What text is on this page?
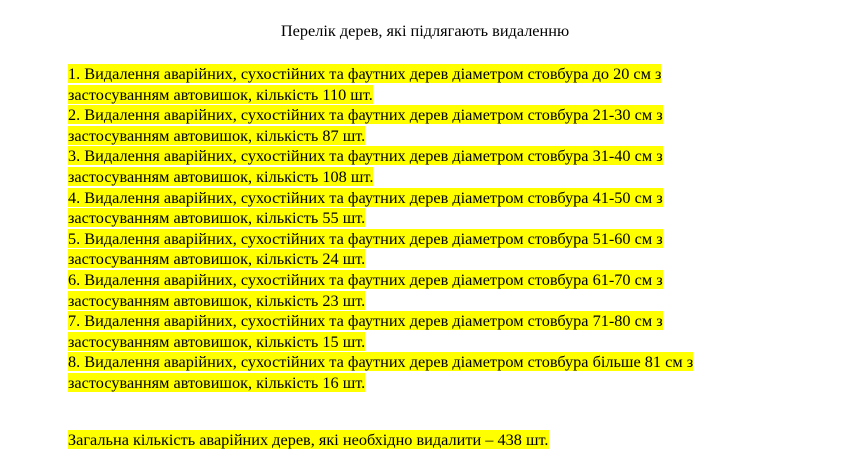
Перелік дерев, які підлягають видаленню
1. Видалення аварійних, сухостійних та фаутних дерев діаметром стовбура до 20 см з
застосуванням автовишок, кількість 110 шт.
2. Видалення аварійних, сухостійних та фаутних дерев діаметром стовбура 21-30 см з
застосуванням автовишок, кількість 87 шт.
3. Видалення аварійних, сухостійних та фаутних дерев діаметром стовбура 31-40 см з
застосуванням автовишок, кількість 108 шт.
4. Видалення аварійних, сухостійних та фаутних дерев діаметром стовбура 41-50 см з
застосуванням автовишок, кількість 55 шт.
5. Видалення аварійних, сухостійних та фаутних дерев діаметром стовбура 51-60 см з
застосуванням автовишок, кількість 24 шт.
6. Видалення аварійних, сухостійних та фаутних дерев діаметром стовбура 61-70 см з
застосуванням автовишок, кількість 23 шт.
7. Видалення аварійних, сухостійних та фаутних дерев діаметром стовбура 71-80 см з
застосуванням автовишок, кількість 15 шт.
8. Видалення аварійних, сухостійних та фаутних дерев діаметром стовбура більше 81 см з
застосуванням автовишок, кількість 16 шт.
Загальна кількість аварійних дерев, які необхідно видалити – 438 шт.
